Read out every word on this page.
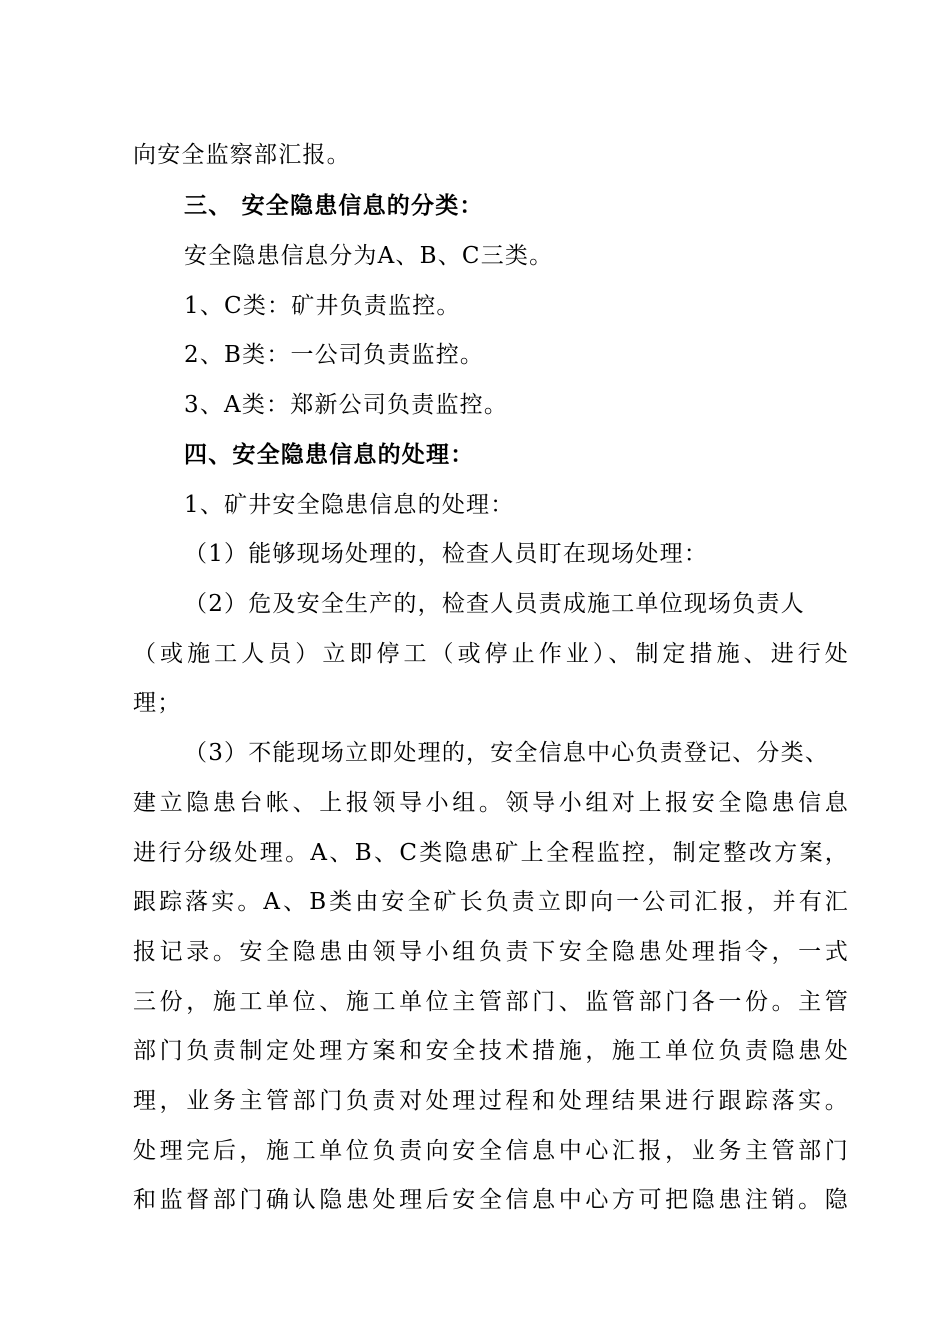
向安全监察部汇报。
三、 安全隐患信息的分类：
安全隐患信息分为A、B、C三类。
1、C类：矿井负责监控。
2、B类：一公司负责监控。
3、A类：郑新公司负责监控。
四、安全隐患信息的处理：
1、矿井安全隐患信息的处理：
（1）能够现场处理的，检查人员盯在现场处理：
（2）危及安全生产的，检查人员责成施工单位现场负责人
（或施工人员）立即停工（或停止作业）、制定措施、进行处
理；
（3）不能现场立即处理的，安全信息中心负责登记、分类、
建立隐患台帐、上报领导小组。领导小组对上报安全隐患信息
进行分级处理。A、B、C类隐患矿上全程监控，制定整改方案，
跟踪落实。A、B类由安全矿长负责立即向一公司汇报，并有汇
报记录。安全隐患由领导小组负责下安全隐患处理指令，一式
三份，施工单位、施工单位主管部门、监管部门各一份。主管
部门负责制定处理方案和安全技术措施，施工单位负责隐患处
理，业务主管部门负责对处理过程和处理结果进行跟踪落实。
处理完后，施工单位负责向安全信息中心汇报，业务主管部门
和监督部门确认隐患处理后安全信息中心方可把隐患注销。隐
